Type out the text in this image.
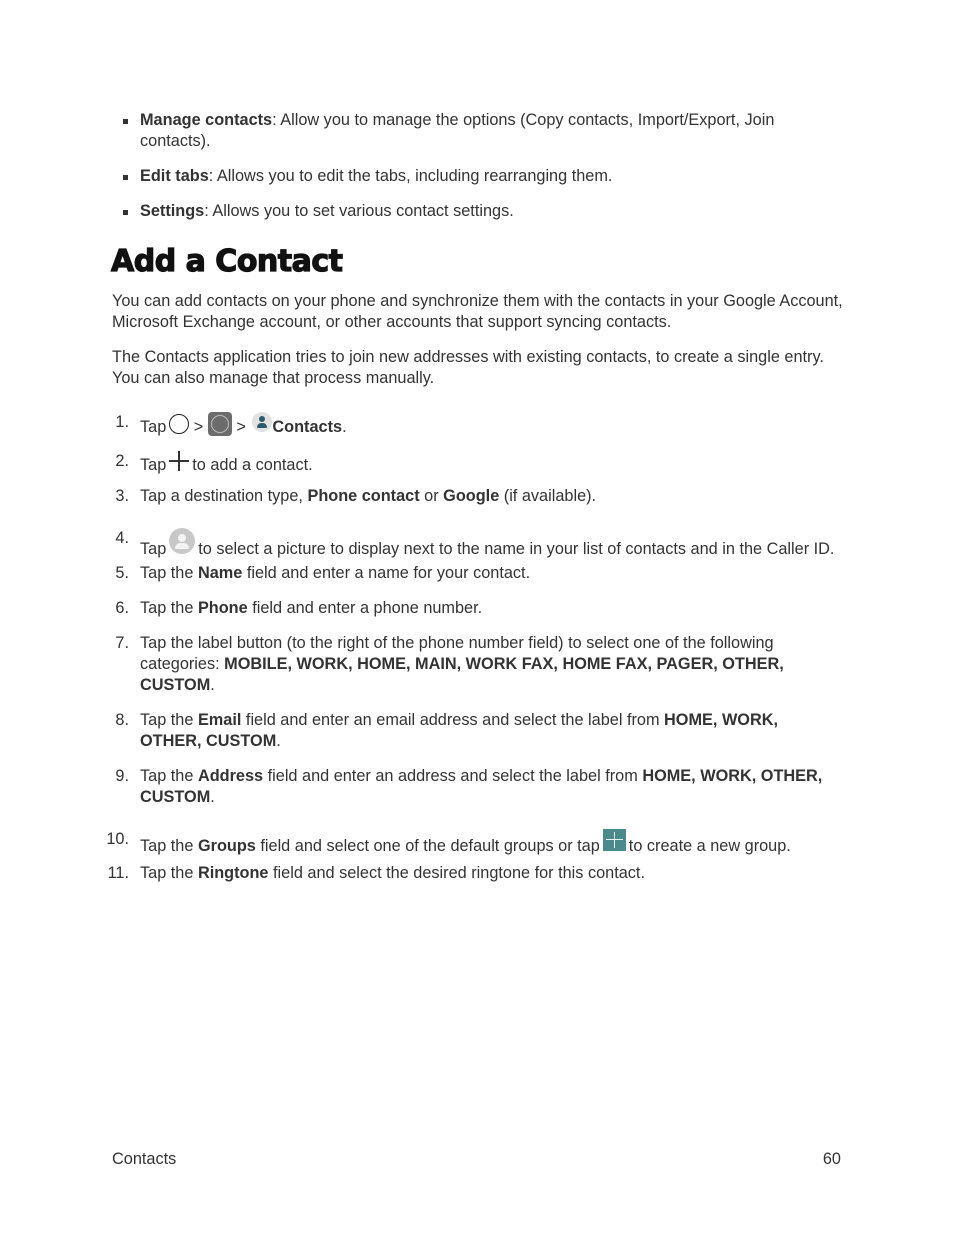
Manage contacts: Allow you to manage the options (Copy contacts, Import/Export, Join contacts).
Edit tabs: Allows you to edit the tabs, including rearranging them.
Settings: Allows you to set various contact settings.
Add a Contact
You can add contacts on your phone and synchronize them with the contacts in your Google Account, Microsoft Exchange account, or other accounts that support syncing contacts.
The Contacts application tries to join new addresses with existing contacts, to create a single entry. You can also manage that process manually.
1. Tap > > Contacts.
2. Tap to add a contact.
3. Tap a destination type, Phone contact or Google (if available).
4.
Tap to select a picture to display next to the name in your list of contacts and in the Caller ID.
5. Tap the Name field and enter a name for your contact.
6. Tap the Phone field and enter a phone number.
7. Tap the label button (to the right of the phone number field) to select one of the following categories: MOBILE, WORK, HOME, MAIN, WORK FAX, HOME FAX, PAGER, OTHER, CUSTOM.
8. Tap the Email field and enter an email address and select the label from HOME, WORK, OTHER, CUSTOM.
9. Tap the Address field and enter an address and select the label from HOME, WORK, OTHER, CUSTOM.
10. Tap the Groups field and select one of the default groups or tap to create a new group.
11. Tap the Ringtone field and select the desired ringtone for this contact.
Contacts	60
